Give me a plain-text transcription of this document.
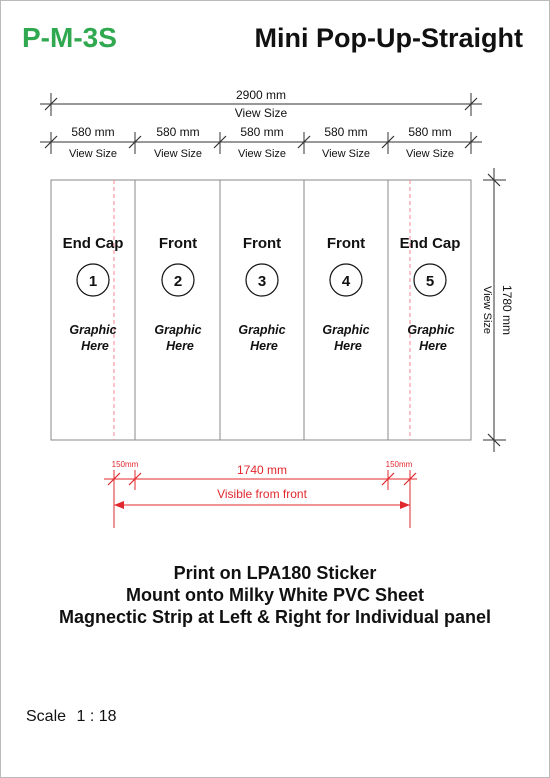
P-M-3S	Mini Pop-Up-Straight
2900 mm
View Size
580 mm
View Size
580 mm
View Size
580 mm
View Size
580 mm
View Size
580 mm
View Size
End Cap
1
Graphic
Here
Front
2
Graphic
Here
Front
3
Graphic
Here
Front
4
Graphic
Here
End Cap
5
Graphic
Here
1780 mm
View Size
150mm	150mm
1740 mm
Visible from front
Print on LPA180 Sticker
Mount onto Milky White PVC Sheet
Magnectic Strip at Left & Right for Individual panel
Scale 1 : 18
